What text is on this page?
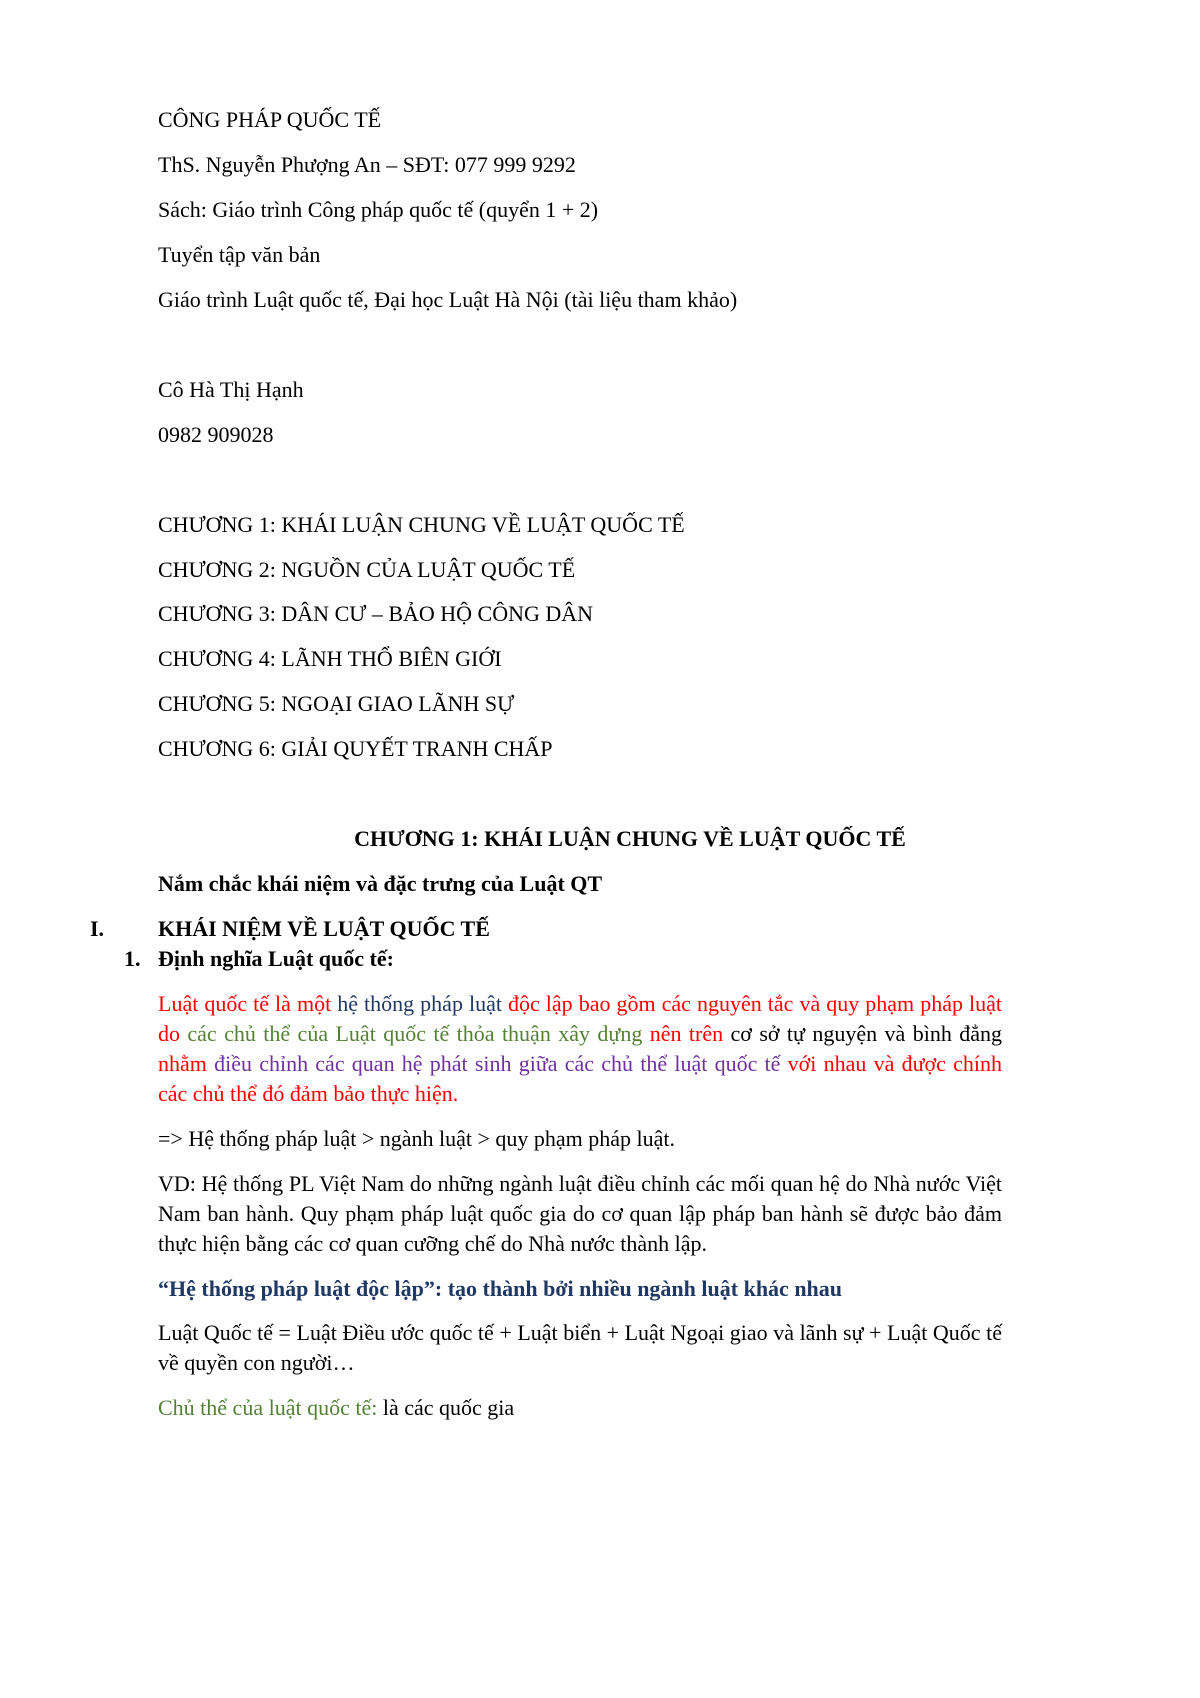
CÔNG PHÁP QUỐC TẾ
ThS. Nguyễn Phượng An – SĐT: 077 999 9292
Sách: Giáo trình Công pháp quốc tế (quyển 1 + 2)
Tuyển tập văn bản
Giáo trình Luật quốc tế, Đại học Luật Hà Nội (tài liệu tham khảo)
Cô Hà Thị Hạnh
0982 909028
CHƯƠNG 1: KHÁI LUẬN CHUNG VỀ LUẬT QUỐC TẾ
CHƯƠNG 2: NGUỒN CỦA LUẬT QUỐC TẾ
CHƯƠNG 3: DÂN CƯ – BẢO HỘ CÔNG DÂN
CHƯƠNG 4: LÃNH THỔ BIÊN GIỚI
CHƯƠNG 5: NGOẠI GIAO LÃNH SỰ
CHƯƠNG 6: GIẢI QUYẾT TRANH CHẤP
CHƯƠNG 1: KHÁI LUẬN CHUNG VỀ LUẬT QUỐC TẾ
Nắm chắc khái niệm và đặc trưng của Luật QT
I. KHÁI NIỆM VỀ LUẬT QUỐC TẾ
1. Định nghĩa Luật quốc tế:
Luật quốc tế là một hệ thống pháp luật độc lập bao gồm các nguyên tắc và quy phạm pháp luật do các chủ thể của Luật quốc tế thỏa thuận xây dựng nên trên cơ sở tự nguyện và bình đẳng nhằm điều chỉnh các quan hệ phát sinh giữa các chủ thể luật quốc tế với nhau và được chính các chủ thể đó đảm bảo thực hiện.
=> Hệ thống pháp luật > ngành luật > quy phạm pháp luật.
VD: Hệ thống PL Việt Nam do những ngành luật điều chỉnh các mối quan hệ do Nhà nước Việt Nam ban hành. Quy phạm pháp luật quốc gia do cơ quan lập pháp ban hành sẽ được bảo đảm thực hiện bằng các cơ quan cưỡng chế do Nhà nước thành lập.
“Hệ thống pháp luật độc lập”: tạo thành bởi nhiều ngành luật khác nhau
Luật Quốc tế = Luật Điều ước quốc tế + Luật biển + Luật Ngoại giao và lãnh sự + Luật Quốc tế về quyền con người…
Chủ thể của luật quốc tế: là các quốc gia
